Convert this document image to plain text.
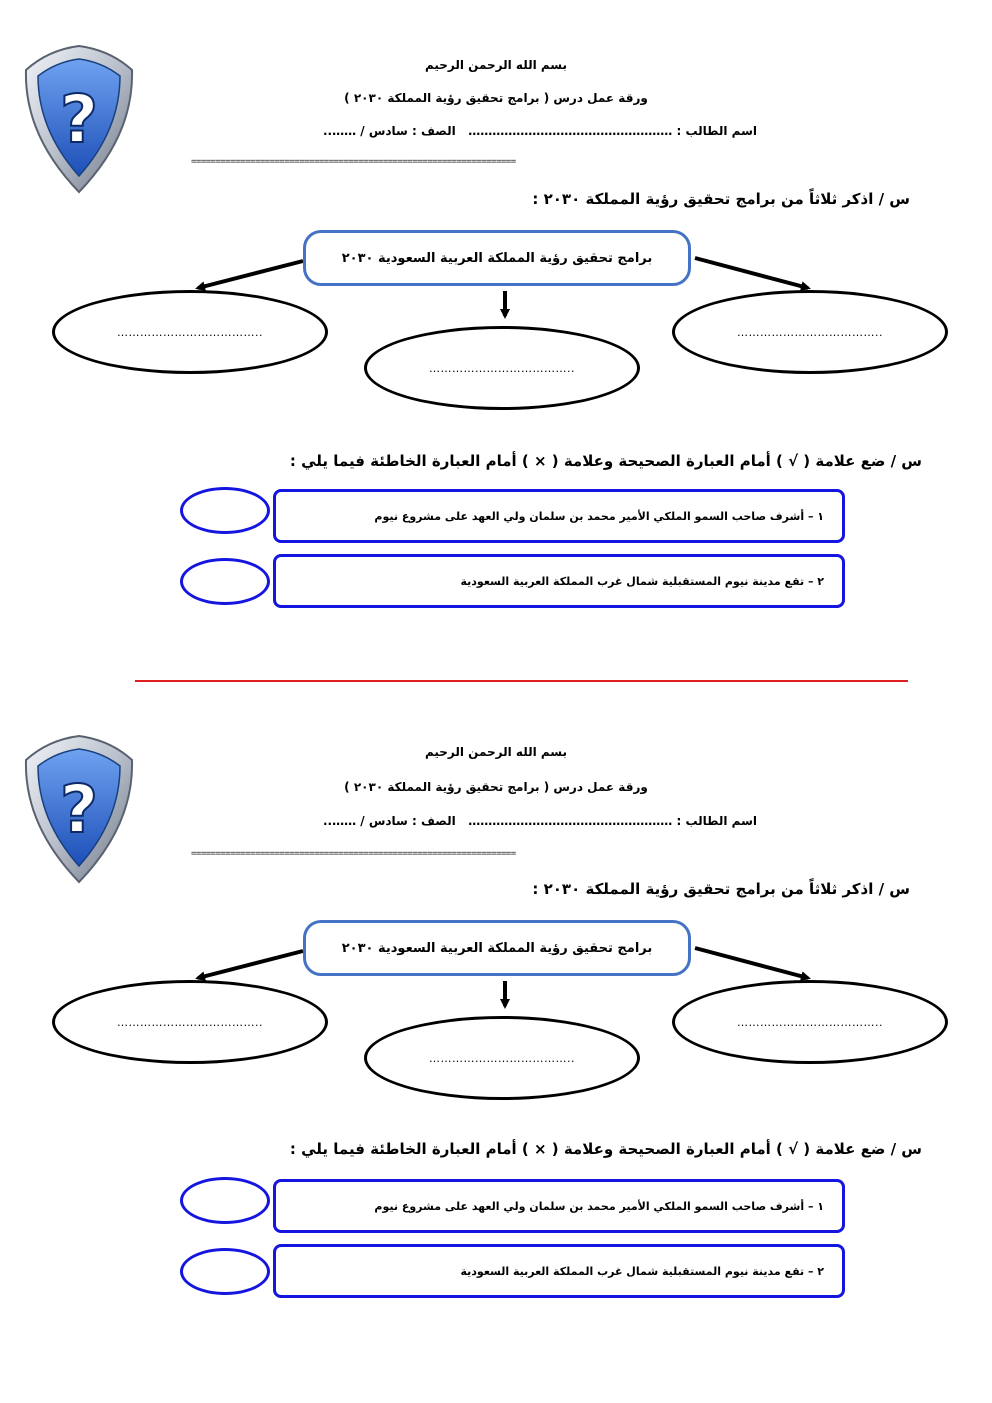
?
بسم الله الرحمن الرحيم
ورقة عمل درس ( برامج تحقيق رؤية المملكة ٢٠٣٠ )
اسم الطالب : ……………………………………………   الصف : سادس / ……..
==================================================================
س / اذكر ثلاثاً من برامج تحقيق رؤية المملكة ٢٠٣٠ :
برامج تحقيق رؤية المملكة العربية السعودية ٢٠٣٠
………………………………..
………………………………..
………………………………..
س / ضع علامة ( √ ) أمام العبارة الصحيحة وعلامة ( × ) أمام العبارة الخاطئة فيما يلي :
١ – أشرف صاحب السمو الملكي الأمير محمد بن سلمان ولي العهد على مشروع نيوم
٢ – تقع مدينة نيوم المستقبلية شمال غرب المملكة العربية السعودية
?
بسم الله الرحمن الرحيم
ورقة عمل درس ( برامج تحقيق رؤية المملكة ٢٠٣٠ )
اسم الطالب : ……………………………………………   الصف : سادس / ……..
==================================================================
س / اذكر ثلاثاً من برامج تحقيق رؤية المملكة ٢٠٣٠ :
برامج تحقيق رؤية المملكة العربية السعودية ٢٠٣٠
………………………………..
………………………………..
………………………………..
س / ضع علامة ( √ ) أمام العبارة الصحيحة وعلامة ( × ) أمام العبارة الخاطئة فيما يلي :
١ – أشرف صاحب السمو الملكي الأمير محمد بن سلمان ولي العهد على مشروع نيوم
٢ – تقع مدينة نيوم المستقبلية شمال غرب المملكة العربية السعودية
